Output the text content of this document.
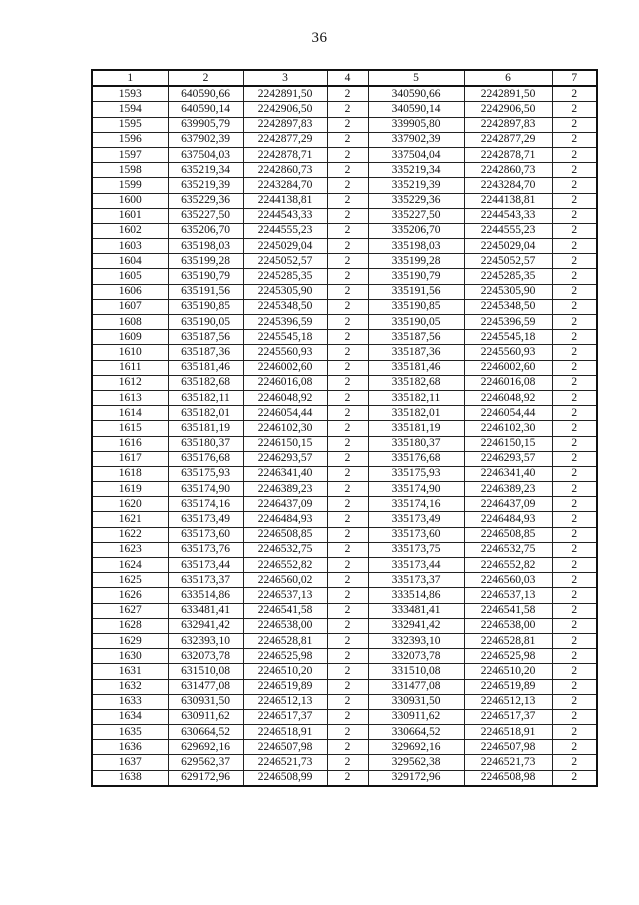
36
1	2	3	4	5	6	7
1593	640590,66	2242891,50	2	340590,66	2242891,50	2
1594	640590,14	2242906,50	2	340590,14	2242906,50	2
1595	639905,79	2242897,83	2	339905,80	2242897,83	2
1596	637902,39	2242877,29	2	337902,39	2242877,29	2
1597	637504,03	2242878,71	2	337504,04	2242878,71	2
1598	635219,34	2242860,73	2	335219,34	2242860,73	2
1599	635219,39	2243284,70	2	335219,39	2243284,70	2
1600	635229,36	2244138,81	2	335229,36	2244138,81	2
1601	635227,50	2244543,33	2	335227,50	2244543,33	2
1602	635206,70	2244555,23	2	335206,70	2244555,23	2
1603	635198,03	2245029,04	2	335198,03	2245029,04	2
1604	635199,28	2245052,57	2	335199,28	2245052,57	2
1605	635190,79	2245285,35	2	335190,79	2245285,35	2
1606	635191,56	2245305,90	2	335191,56	2245305,90	2
1607	635190,85	2245348,50	2	335190,85	2245348,50	2
1608	635190,05	2245396,59	2	335190,05	2245396,59	2
1609	635187,56	2245545,18	2	335187,56	2245545,18	2
1610	635187,36	2245560,93	2	335187,36	2245560,93	2
1611	635181,46	2246002,60	2	335181,46	2246002,60	2
1612	635182,68	2246016,08	2	335182,68	2246016,08	2
1613	635182,11	2246048,92	2	335182,11	2246048,92	2
1614	635182,01	2246054,44	2	335182,01	2246054,44	2
1615	635181,19	2246102,30	2	335181,19	2246102,30	2
1616	635180,37	2246150,15	2	335180,37	2246150,15	2
1617	635176,68	2246293,57	2	335176,68	2246293,57	2
1618	635175,93	2246341,40	2	335175,93	2246341,40	2
1619	635174,90	2246389,23	2	335174,90	2246389,23	2
1620	635174,16	2246437,09	2	335174,16	2246437,09	2
1621	635173,49	2246484,93	2	335173,49	2246484,93	2
1622	635173,60	2246508,85	2	335173,60	2246508,85	2
1623	635173,76	2246532,75	2	335173,75	2246532,75	2
1624	635173,44	2246552,82	2	335173,44	2246552,82	2
1625	635173,37	2246560,02	2	335173,37	2246560,03	2
1626	633514,86	2246537,13	2	333514,86	2246537,13	2
1627	633481,41	2246541,58	2	333481,41	2246541,58	2
1628	632941,42	2246538,00	2	332941,42	2246538,00	2
1629	632393,10	2246528,81	2	332393,10	2246528,81	2
1630	632073,78	2246525,98	2	332073,78	2246525,98	2
1631	631510,08	2246510,20	2	331510,08	2246510,20	2
1632	631477,08	2246519,89	2	331477,08	2246519,89	2
1633	630931,50	2246512,13	2	330931,50	2246512,13	2
1634	630911,62	2246517,37	2	330911,62	2246517,37	2
1635	630664,52	2246518,91	2	330664,52	2246518,91	2
1636	629692,16	2246507,98	2	329692,16	2246507,98	2
1637	629562,37	2246521,73	2	329562,38	2246521,73	2
1638	629172,96	2246508,99	2	329172,96	2246508,98	2
